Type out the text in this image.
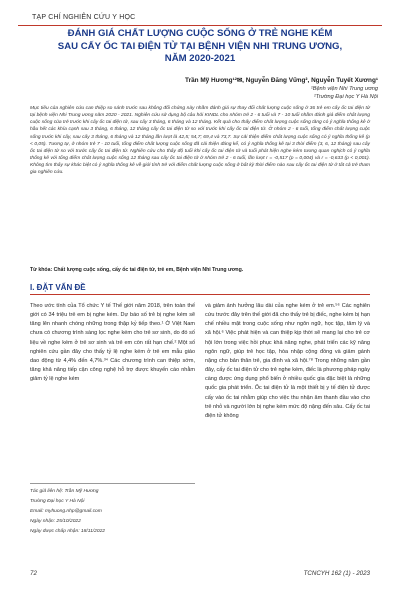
TẠP CHÍ NGHIÊN CỨU Y HỌC
ĐÁNH GIÁ CHẤT LƯỢNG CUỘC SỐNG Ở TRẺ NGHE KÉM
SAU CẤY ỐC TAI ĐIỆN TỬ TẠI BỆNH VIỆN NHI TRUNG ƯƠNG,
NĂM 2020-2021
Trần Mỹ Hương¹²✉, Nguyễn Đăng Vững², Nguyễn Tuyết Xương¹
¹Bệnh viện Nhi Trung ương
²Trường Đại học Y Hà Nội
Mục tiêu của nghiên cứu can thiệp so sánh trước sau không đối chứng này nhằm đánh giá sự thay đổi chất lượng cuộc sống ở 36 trẻ em cấy ốc tai điện tử tại bệnh viện Nhi Trung ương năm 2020 - 2021. Nghiên cứu sử dụng bộ câu hỏi KINDL cho nhóm trẻ 2 - 6 tuổi và 7 - 10 tuổi nhằm đánh giá điểm chất lượng cuộc sống của trẻ trước khi cấy ốc tai điện tử, sau cấy 3 tháng, 6 tháng và 12 tháng. Kết quả cho thấy điểm chất lượng cuộc sống tăng có ý nghĩa thống kê ở hầu hết các khía cạnh sau 3 tháng, 6 tháng, 12 tháng cấy ốc tai điện tử so với trước khi cấy ốc tai điện tử. Ở nhóm 2 - 6 tuổi, tổng điểm chất lượng cuộc sống trước khi cấy, sau cấy 3 tháng, 6 tháng và 12 tháng lần lượt là 42,5; 54,7; 69,4 và 73,7. Sự cải thiện điểm chất lượng cuộc sống có ý nghĩa thống kê (p < 0,05). Tương tự, ở nhóm trẻ 7 - 10 tuổi, tổng điểm chất lượng cuộc sống đã cải thiện đáng kể, có ý nghĩa thống kê tại 3 thời điểm (3, 6, 12 tháng) sau cấy ốc tai điện tử so với trước cấy ốc tai điện tử. Nghiên cứu cho thấy độ tuổi khi cấy ốc tai điện tử và tuổi phát hiện nghe kém tương quan nghịch có ý nghĩa thống kê với tổng điểm chất lượng cuộc sống 12 tháng sau cấy ốc tai điện tử ở nhóm trẻ 2 - 6 tuổi, lần lượt r = -0,517 (p = 0,004) và r = -0,633 (p < 0,001). Không tìm thấy sự khác biệt có ý nghĩa thống kê về giới tính trẻ với điểm chất lượng cuộc sống ở bất kỳ thời điểm nào sau cấy ốc tai điện tử ở tất cả trẻ tham gia nghiên cứu.
Từ khóa: Chất lượng cuộc sống, cấy ốc tai điện tử, trẻ em, Bệnh viện Nhi Trung ương.
I. ĐẶT VẤN ĐỀ

Theo ước tính của Tổ chức Y tế Thế giới năm 2018, trên toàn thế giới có 34 triệu trẻ em bị nghe kém. Dự báo số trẻ bị nghe kém sẽ tăng lên nhanh chóng những trong thập kỷ tiếp theo.¹ Ở Việt Nam chưa có chương trình sàng lọc nghe kém cho trẻ sơ sinh, do đó số liệu về nghe kém ở trẻ sơ sinh và trẻ em còn rất hạn chế.² Một số nghiên cứu gần đây cho thấy tỷ lệ nghe kém ở trẻ em mẫu giáo dao động từ 4,4% đến 4,7%.³⁴ Các chương trình can thiệp sớm, tăng khả năng tiếp cận công nghệ hỗ trợ được khuyến cáo nhằm giảm tỷ lệ nghe kém

và giảm ảnh hưởng lâu dài của nghe kém ở trẻ em.⁵⁶ Các nghiên cứu trước đây trên thế giới đã cho thấy trẻ bị điếc, nghe kém bị hạn chế nhiều mặt trong cuộc sống như ngôn ngữ, học tập, tâm lý và xã hội.⁶ Việc phát hiện và can thiệp kịp thời sẽ mang lại cho trẻ cơ hội lớn trong việc hồi phục khả năng nghe, phát triển các kỹ năng ngôn ngữ, giúp trẻ học tập, hòa nhập cộng đồng và giảm gánh nặng cho bản thân trẻ, gia đình và xã hội.⁷⁸ Trong những năm gần đây, cấy ốc tai điện tử cho trẻ nghe kém, điếc là phương pháp ngày càng được ứng dụng phổ biến ở nhiều quốc gia đặc biệt là những quốc gia phát triển. Ốc tai điện tử là một thiết bị y tế điện tử được cấy vào ốc tai nhằm giúp cho việc thu nhận âm thanh đầu vào cho trẻ nhỏ và người lớn bị nghe kém mức độ nặng đến sâu. Cấy ốc tai điện tử không

Tác giả liên hệ: Trần Mỹ Hương
Trường Đại học Y Hà Nội
Email: myhuong.nhp@gmail.com
Ngày nhận: 25/10/2022
Ngày được chấp nhận: 18/11/2022
72	TCNCYH 162 (1) - 2023
